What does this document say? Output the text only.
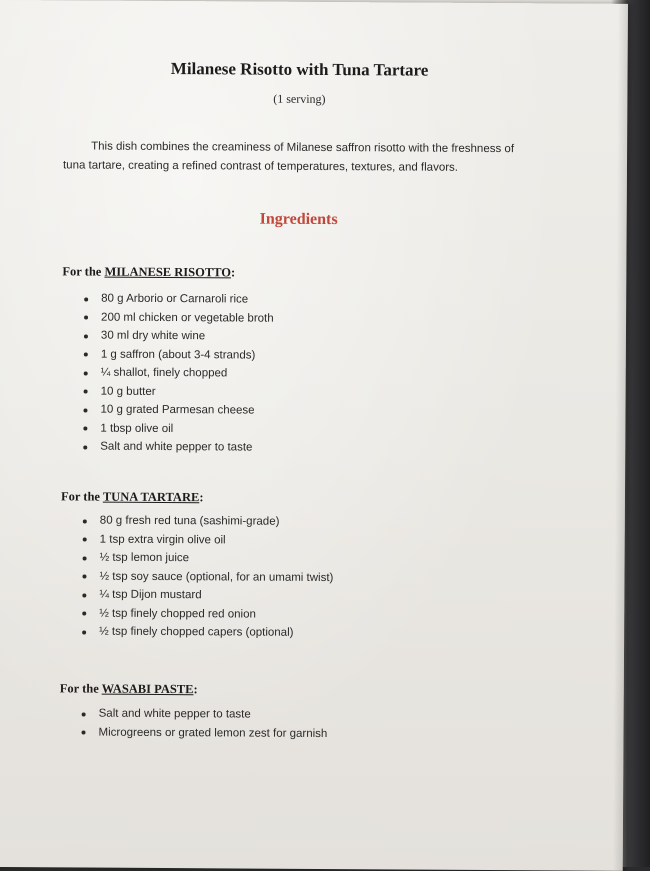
Milanese Risotto with Tuna Tartare
(1 serving)
This dish combines the creaminess of Milanese saffron risotto with the freshness of tuna tartare, creating a refined contrast of temperatures, textures, and flavors.
Ingredients
For the MILANESE RISOTTO:
80 g Arborio or Carnaroli rice
200 ml chicken or vegetable broth
30 ml dry white wine
1 g saffron (about 3-4 strands)
¼ shallot, finely chopped
10 g butter
10 g grated Parmesan cheese
1 tbsp olive oil
Salt and white pepper to taste
For the TUNA TARTARE:
80 g fresh red tuna (sashimi-grade)
1 tsp extra virgin olive oil
½ tsp lemon juice
½ tsp soy sauce (optional, for an umami twist)
¼ tsp Dijon mustard
½ tsp finely chopped red onion
½ tsp finely chopped capers (optional)
For the WASABI PASTE:
Salt and white pepper to taste
Microgreens or grated lemon zest for garnish
